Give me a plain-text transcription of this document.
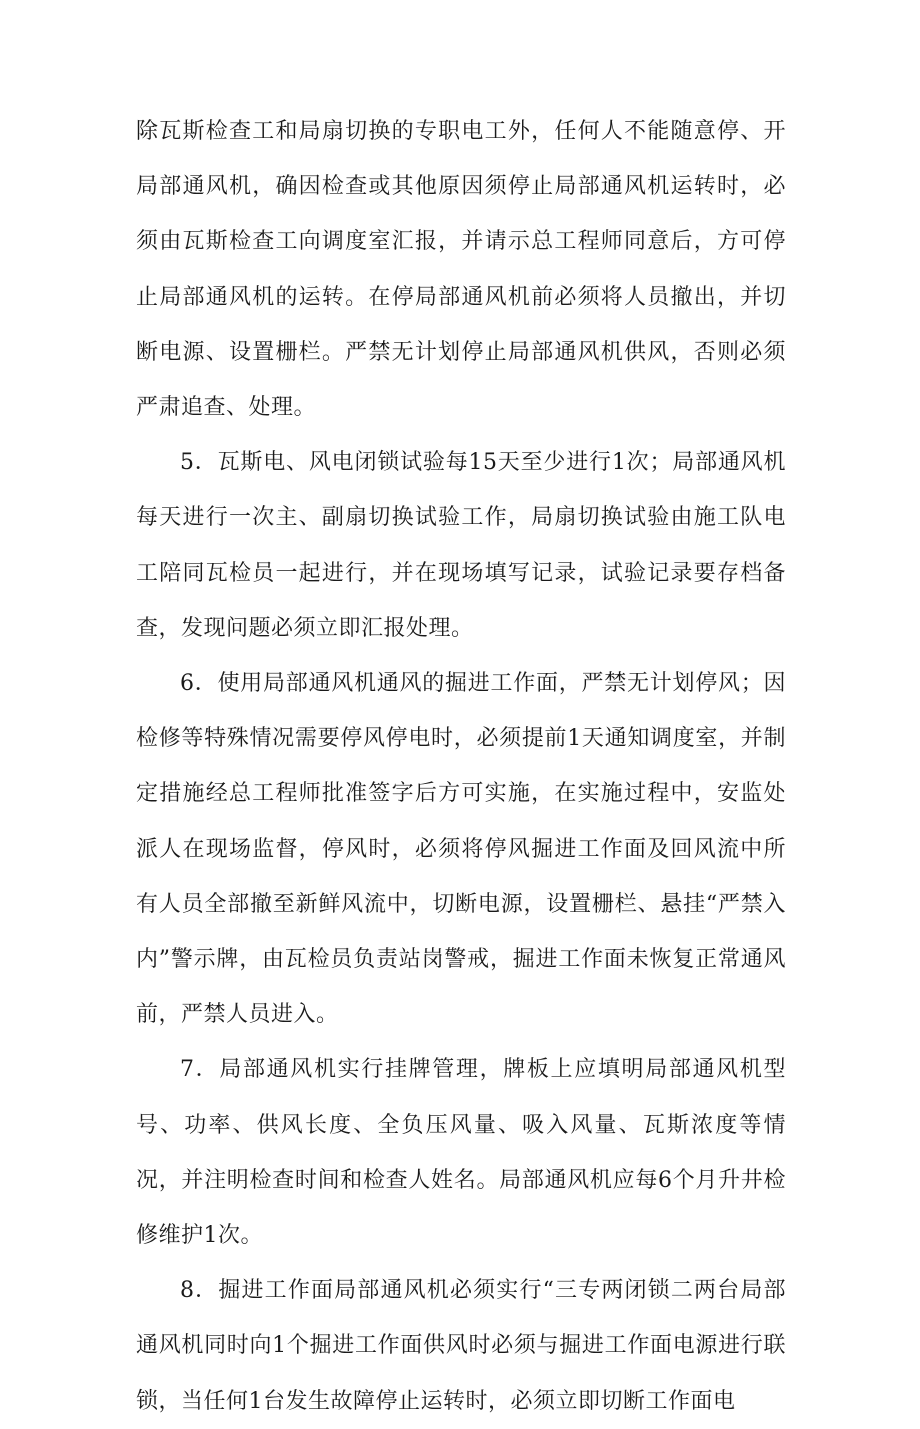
除瓦斯检查工和局扇切换的专职电工外，任何人不能随意停、开局部通风机，确因检查或其他原因须停止局部通风机运转时，必须由瓦斯检查工向调度室汇报，并请示总工程师同意后，方可停止局部通风机的运转。在停局部通风机前必须将人员撤出，并切断电源、设置栅栏。严禁无计划停止局部通风机供风，否则必须严肃追查、处理。

5．瓦斯电、风电闭锁试验每15天至少进行1次；局部通风机每天进行一次主、副扇切换试验工作，局扇切换试验由施工队电工陪同瓦检员一起进行，并在现场填写记录，试验记录要存档备查，发现问题必须立即汇报处理。

6．使用局部通风机通风的掘进工作面，严禁无计划停风；因检修等特殊情况需要停风停电时，必须提前1天通知调度室，并制定措施经总工程师批准签字后方可实施，在实施过程中，安监处派人在现场监督，停风时，必须将停风掘进工作面及回风流中所有人员全部撤至新鲜风流中，切断电源，设置栅栏、悬挂“严禁入内”警示牌，由瓦检员负责站岗警戒，掘进工作面未恢复正常通风前，严禁人员进入。

7．局部通风机实行挂牌管理，牌板上应填明局部通风机型号、功率、供风长度、全负压风量、吸入风量、瓦斯浓度等情况，并注明检查时间和检查人姓名。局部通风机应每6个月升井检修维护1次。

8．掘进工作面局部通风机必须实行“三专两闭锁二两台局部通风机同时向1个掘进工作面供风时必须与掘进工作面电源进行联锁，当任何1台发生故障停止运转时，必须立即切断工作面电
